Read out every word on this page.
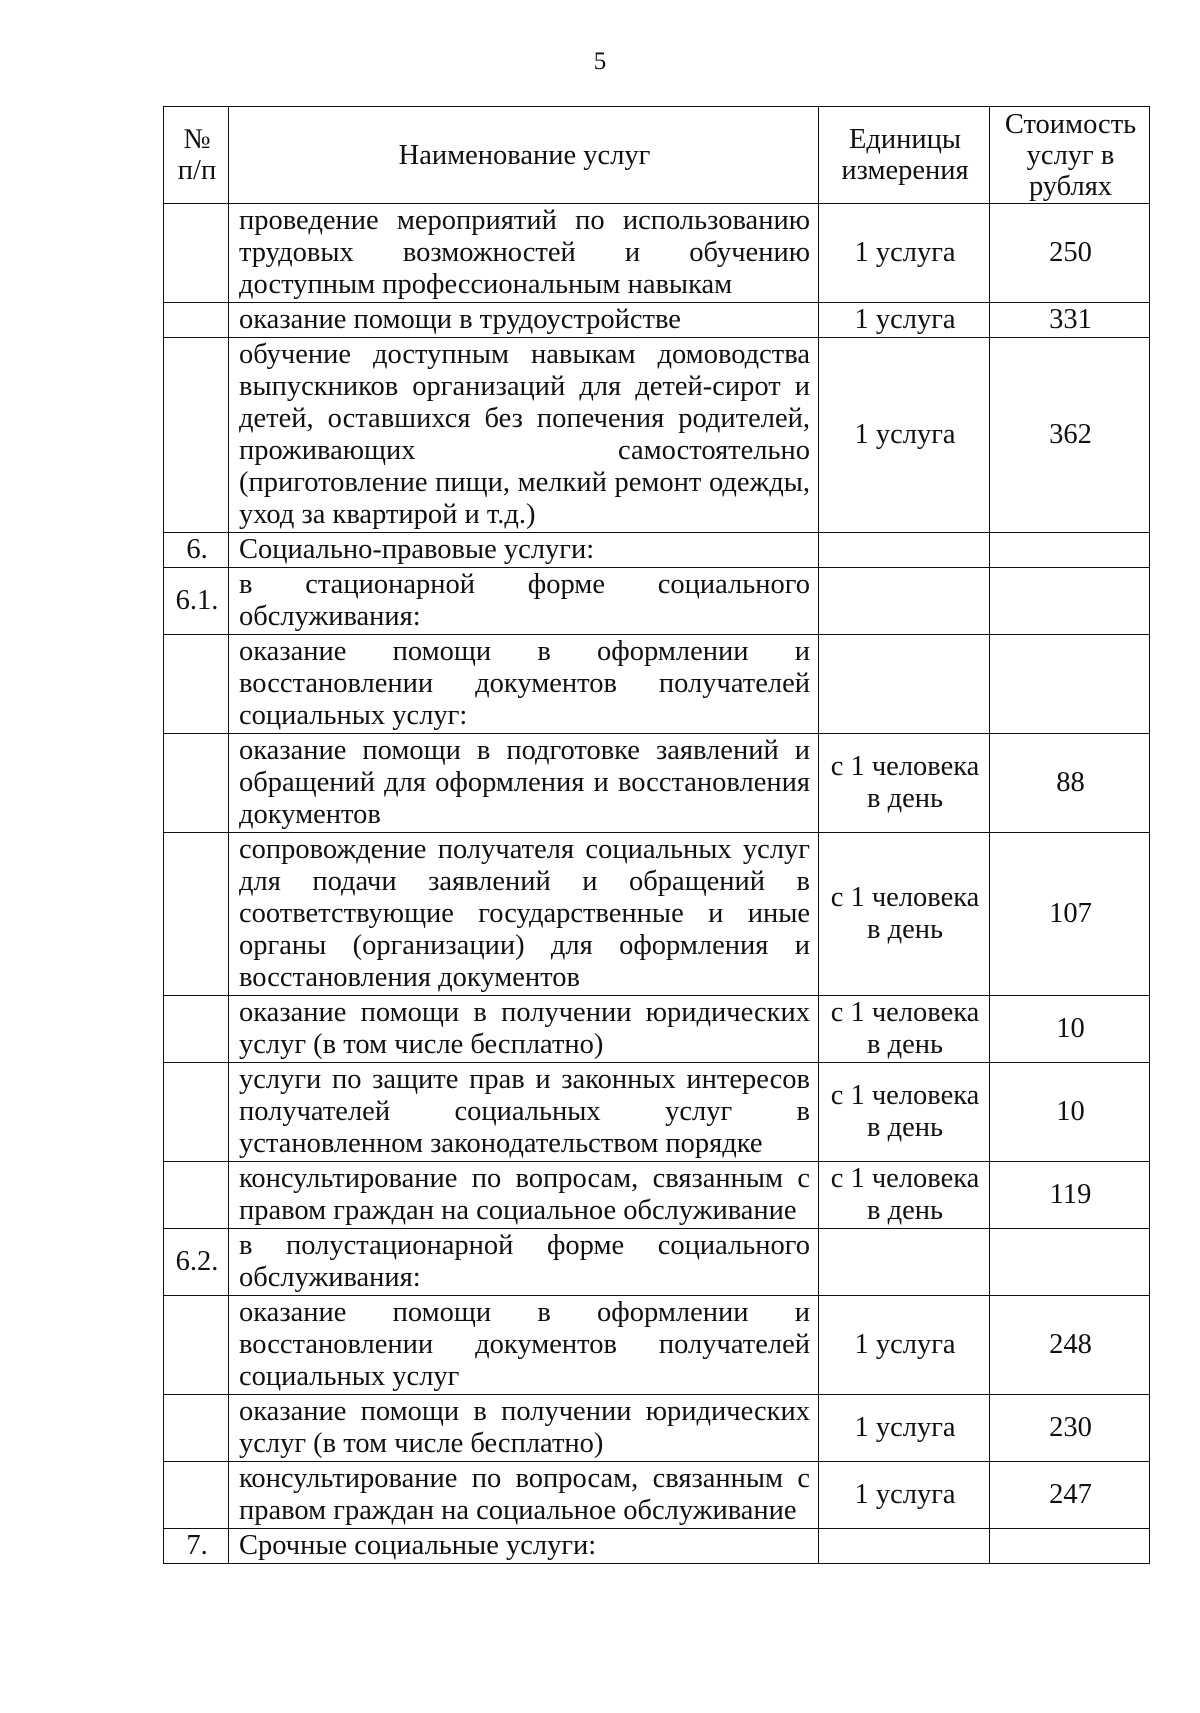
5
№ п/п	Наименование услуг	Единицы измерения	Стоимость услуг в рублях
	проведение мероприятий по использованию трудовых возможностей и обучению доступным профессиональным навыкам	1 услуга	250
	оказание помощи в трудоустройстве	1 услуга	331
	обучение доступным навыкам домоводства выпускников организаций для детей-сирот и детей, оставшихся без попечения родителей, проживающих самостоятельно (приготовление пищи, мелкий ремонт одежды, уход за квартирой и т.д.)	1 услуга	362
6.	Социально-правовые услуги:		
6.1.	в стационарной форме социального обслуживания:		
	оказание помощи в оформлении и восстановлении документов получателей социальных услуг:		
	оказание помощи в подготовке заявлений и обращений для оформления и восстановления документов	с 1 человека в день	88
	сопровождение получателя социальных услуг для подачи заявлений и обращений в соответствующие государственные и иные органы (организации) для оформления и восстановления документов	с 1 человека в день	107
	оказание помощи в получении юридических услуг (в том числе бесплатно)	с 1 человека в день	10
	услуги по защите прав и законных интересов получателей социальных услуг в установленном законодательством порядке	с 1 человека в день	10
	консультирование по вопросам, связанным с правом граждан на социальное обслуживание	с 1 человека в день	119
6.2.	в полустационарной форме социального обслуживания:		
	оказание помощи в оформлении и восстановлении документов получателей социальных услуг	1 услуга	248
	оказание помощи в получении юридических услуг (в том числе бесплатно)	1 услуга	230
	консультирование по вопросам, связанным с правом граждан на социальное обслуживание	1 услуга	247
7.	Срочные социальные услуги:		
